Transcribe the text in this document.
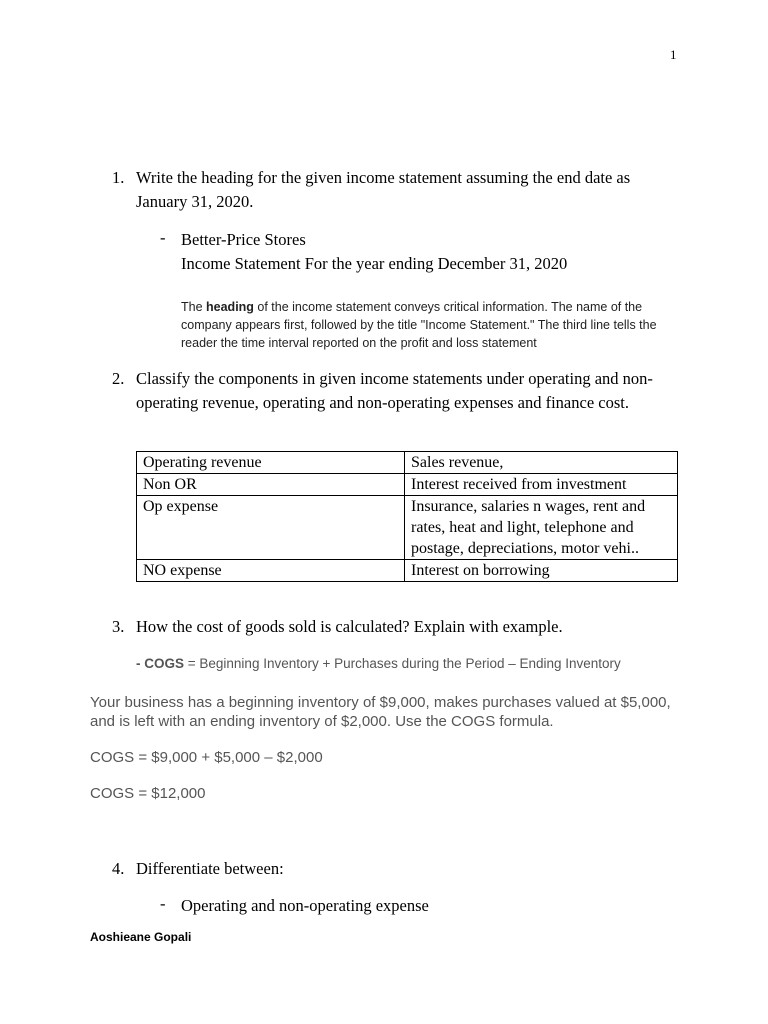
1
1. Write the heading for the given income statement assuming the end date as January 31, 2020.
- Better-Price Stores
Income Statement For the year ending December 31, 2020
The heading of the income statement conveys critical information. The name of the company appears first, followed by the title "Income Statement." The third line tells the reader the time interval reported on the profit and loss statement
2. Classify the components in given income statements under operating and non-operating revenue, operating and non-operating expenses and finance cost.
Operating revenue	Sales revenue,
Non OR	Interest received from investment
Op expense	Insurance, salaries n wages, rent and rates, heat and light, telephone and postage, depreciations, motor vehi..
NO expense	Interest on borrowing
3. How the cost of goods sold is calculated? Explain with example.
- COGS = Beginning Inventory + Purchases during the Period – Ending Inventory
Your business has a beginning inventory of $9,000, makes purchases valued at $5,000, and is left with an ending inventory of $2,000. Use the COGS formula.
COGS = $9,000 + $5,000 – $2,000
COGS = $12,000
4. Differentiate between:
- Operating and non-operating expense
Aoshieane Gopali
